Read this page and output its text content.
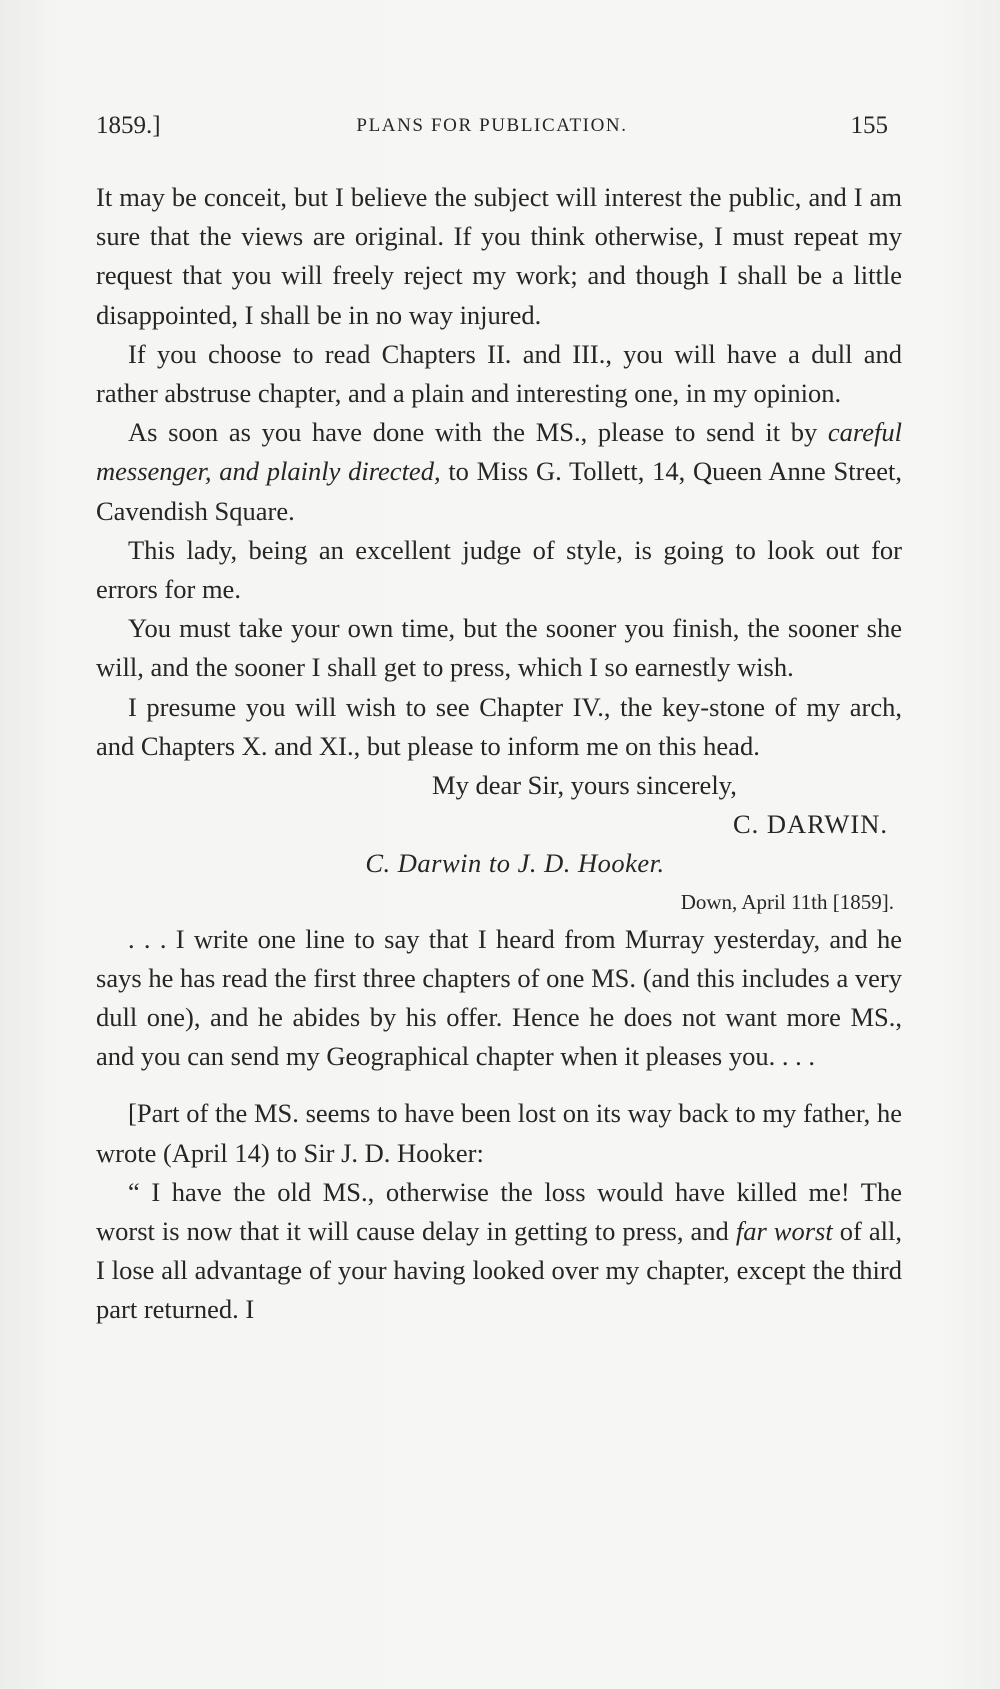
1859.]	PLANS FOR PUBLICATION.	155

It may be conceit, but I believe the subject will interest the public, and I am sure that the views are original. If you think otherwise, I must repeat my request that you will freely reject my work; and though I shall be a little disappointed, I shall be in no way injured.

If you choose to read Chapters II. and III., you will have a dull and rather abstruse chapter, and a plain and interesting one, in my opinion.

As soon as you have done with the MS., please to send it by careful messenger, and plainly directed, to Miss G. Tollett, 14, Queen Anne Street, Cavendish Square.

This lady, being an excellent judge of style, is going to look out for errors for me.

You must take your own time, but the sooner you finish, the sooner she will, and the sooner I shall get to press, which I so earnestly wish.

I presume you will wish to see Chapter IV., the key-stone of my arch, and Chapters X. and XI., but please to inform me on this head.

My dear Sir, yours sincerely,

C. DARWIN.

C. Darwin to J. D. Hooker.

Down, April 11th [1859].

. . . I write one line to say that I heard from Murray yesterday, and he says he has read the first three chapters of one MS. (and this includes a very dull one), and he abides by his offer. Hence he does not want more MS., and you can send my Geographical chapter when it pleases you. . . .

[Part of the MS. seems to have been lost on its way back to my father, he wrote (April 14) to Sir J. D. Hooker:

“ I have the old MS., otherwise the loss would have killed me! The worst is now that it will cause delay in getting to press, and far worst of all, I lose all advantage of your having looked over my chapter, except the third part returned. I
